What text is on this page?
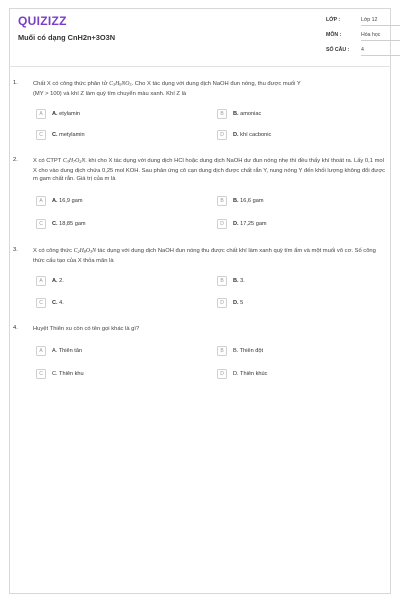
QUIZIZZ
Muối có dạng CnH2n+3O3N
LỚP :	Lớp 12
MÔN :	Hóa học
SỐ CÂU :	4
1.	Chất X có công thức phân tử $C_3H_9NO_3$. Cho X tác dụng với dung dịch NaOH đun nóng, thu được muối Y
(MY > 100) và khí Z làm quỳ tím chuyển màu xanh. Khí Z là
A	A. etylamin	B	B. amoniac
C	C. metylamin	D	D. khí cacbonic
2.	X có CTPT $C_3H_7O_2N$. khi cho X tác dụng với dung dịch HCl hoặc dung dịch NaOH dư đun nóng nhẹ thì đều thấy khí thoát ra. Lấy 0,1 mol X cho vào dung dịch chứa 0,25 mol KOH. Sau phản ứng cô cạn dung dịch được chất rắn Y, nung nóng Y đến khối lượng không đổi được m gam chất rắn. Giá trị của m là
A	A. 16,9 gam	B	B. 16,6 gam
C	C. 18,85 gam	D	D. 17,25 gam
3.	X có công thức $C_2H_8O_3N$ tác dụng với dung dịch NaOH đun nóng thu được chất khí làm xanh quỳ tím ẩm và một muối vô cơ. Số công thức cấu tạo của X thỏa mãn là
A	A. 2.	B	B. 3.
C	C. 4.	D	D. 5
4.	Huyệt Thiên xu còn có tên gọi khác là gì?
A	A. Thiên tân	B	B. Thiên đột
C	C. Thiên khu	D	D. Thiên khúc
